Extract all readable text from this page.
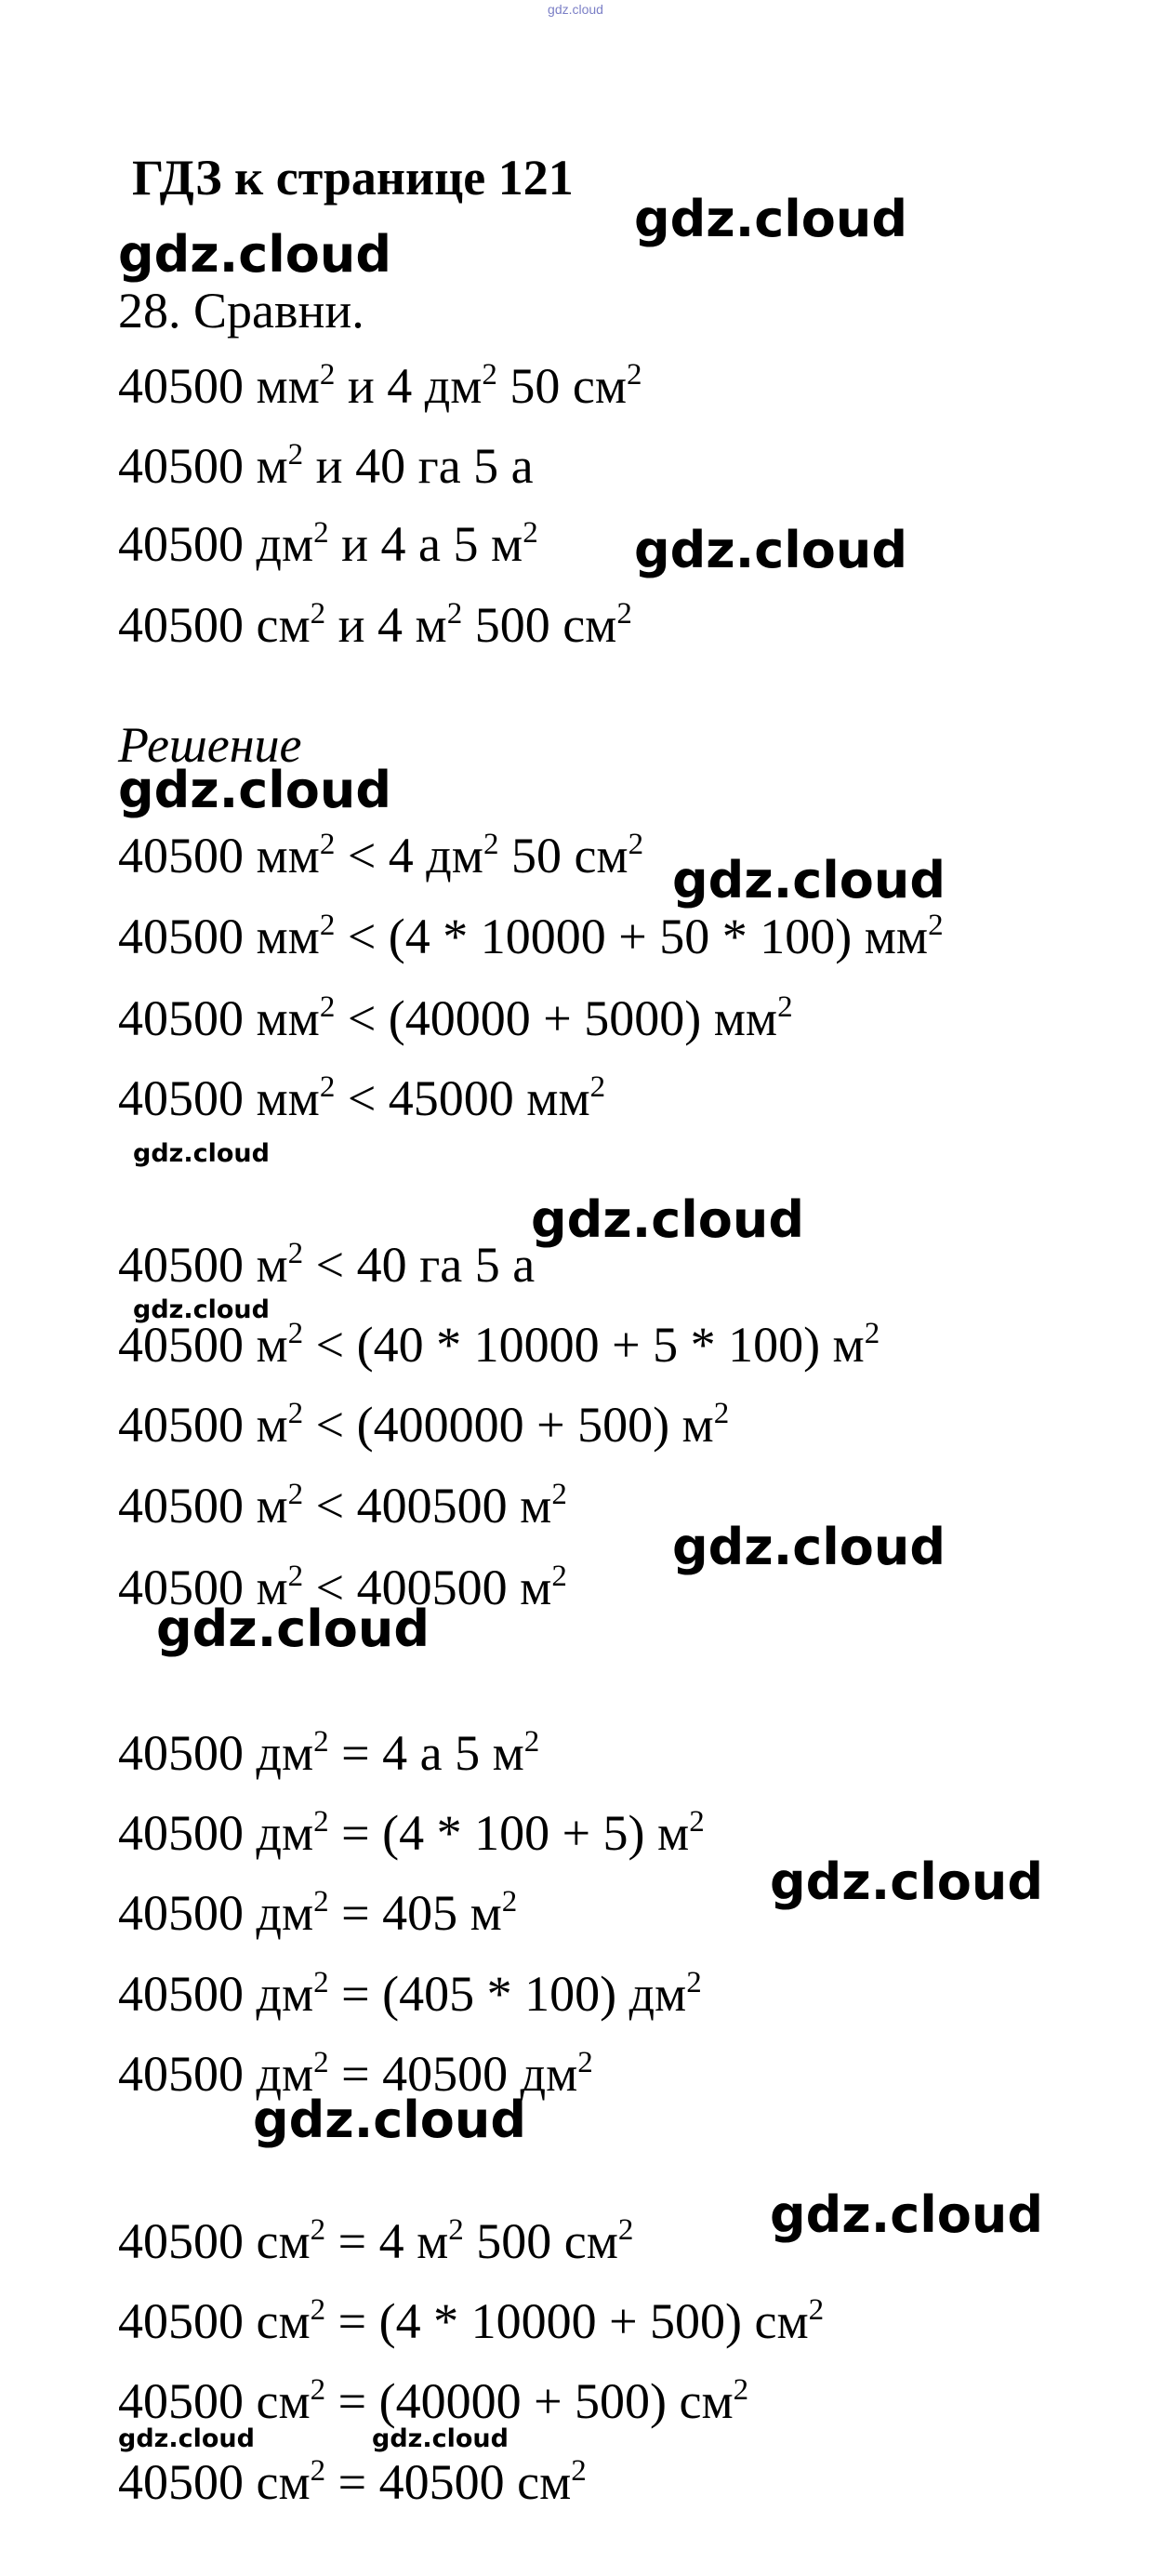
gdz.cloud
ГДЗ к странице 121
28. Сравни.
40500 $мм^2$ и 4 $дм^2$ 50 $см^2$
40500 $м^2$ и 40 га 5 а
40500 $дм^2$ и 4 а 5 $м^2$
40500 $см^2$ и 4 $м^2$ 500 $см^2$
Решение
40500 $мм^2 < 4$ $дм^2$ 50 $см^2$
40500 $мм^2 < (4 * 10000 + 50 * 100)$ $мм^2$
40500 $мм^2 < (40000 + 5000)$ $мм^2$
40500 $мм^2 < 45000$ $мм^2$
40500 $м^2 < 40$ га 5 а
40500 $м^2 < (40 * 10000 + 5 * 100)$ $м^2$
40500 $м^2 < (400000 + 500)$ $м^2$
40500 $м^2 < 400500$ $м^2$
40500 $м^2 < 400500$ $м^2$
40500 $дм^2 = 4$ а 5 $м^2$
40500 $дм^2 = (4 * 100 + 5)$ $м^2$
40500 $дм^2 = 405$ $м^2$
40500 $дм^2 = (405 * 100)$ $дм^2$
40500 $дм^2 = 40500$ $дм^2$
40500 $см^2 = 4$ $м^2$ 500 $см^2$
40500 $см^2 = (4 * 10000 + 500)$ $см^2$
40500 $см^2 = (40000 + 500)$ $см^2$
40500 $см^2 = 40500$ $см^2$
gdz.cloud
gdz.cloud
gdz.cloud
gdz.cloud
gdz.cloud
gdz.cloud
gdz.cloud
gdz.cloud
gdz.cloud
gdz.cloud
gdz.cloud
gdz.cloud
gdz.cloud
gdz.cloud	gdz.cloud
